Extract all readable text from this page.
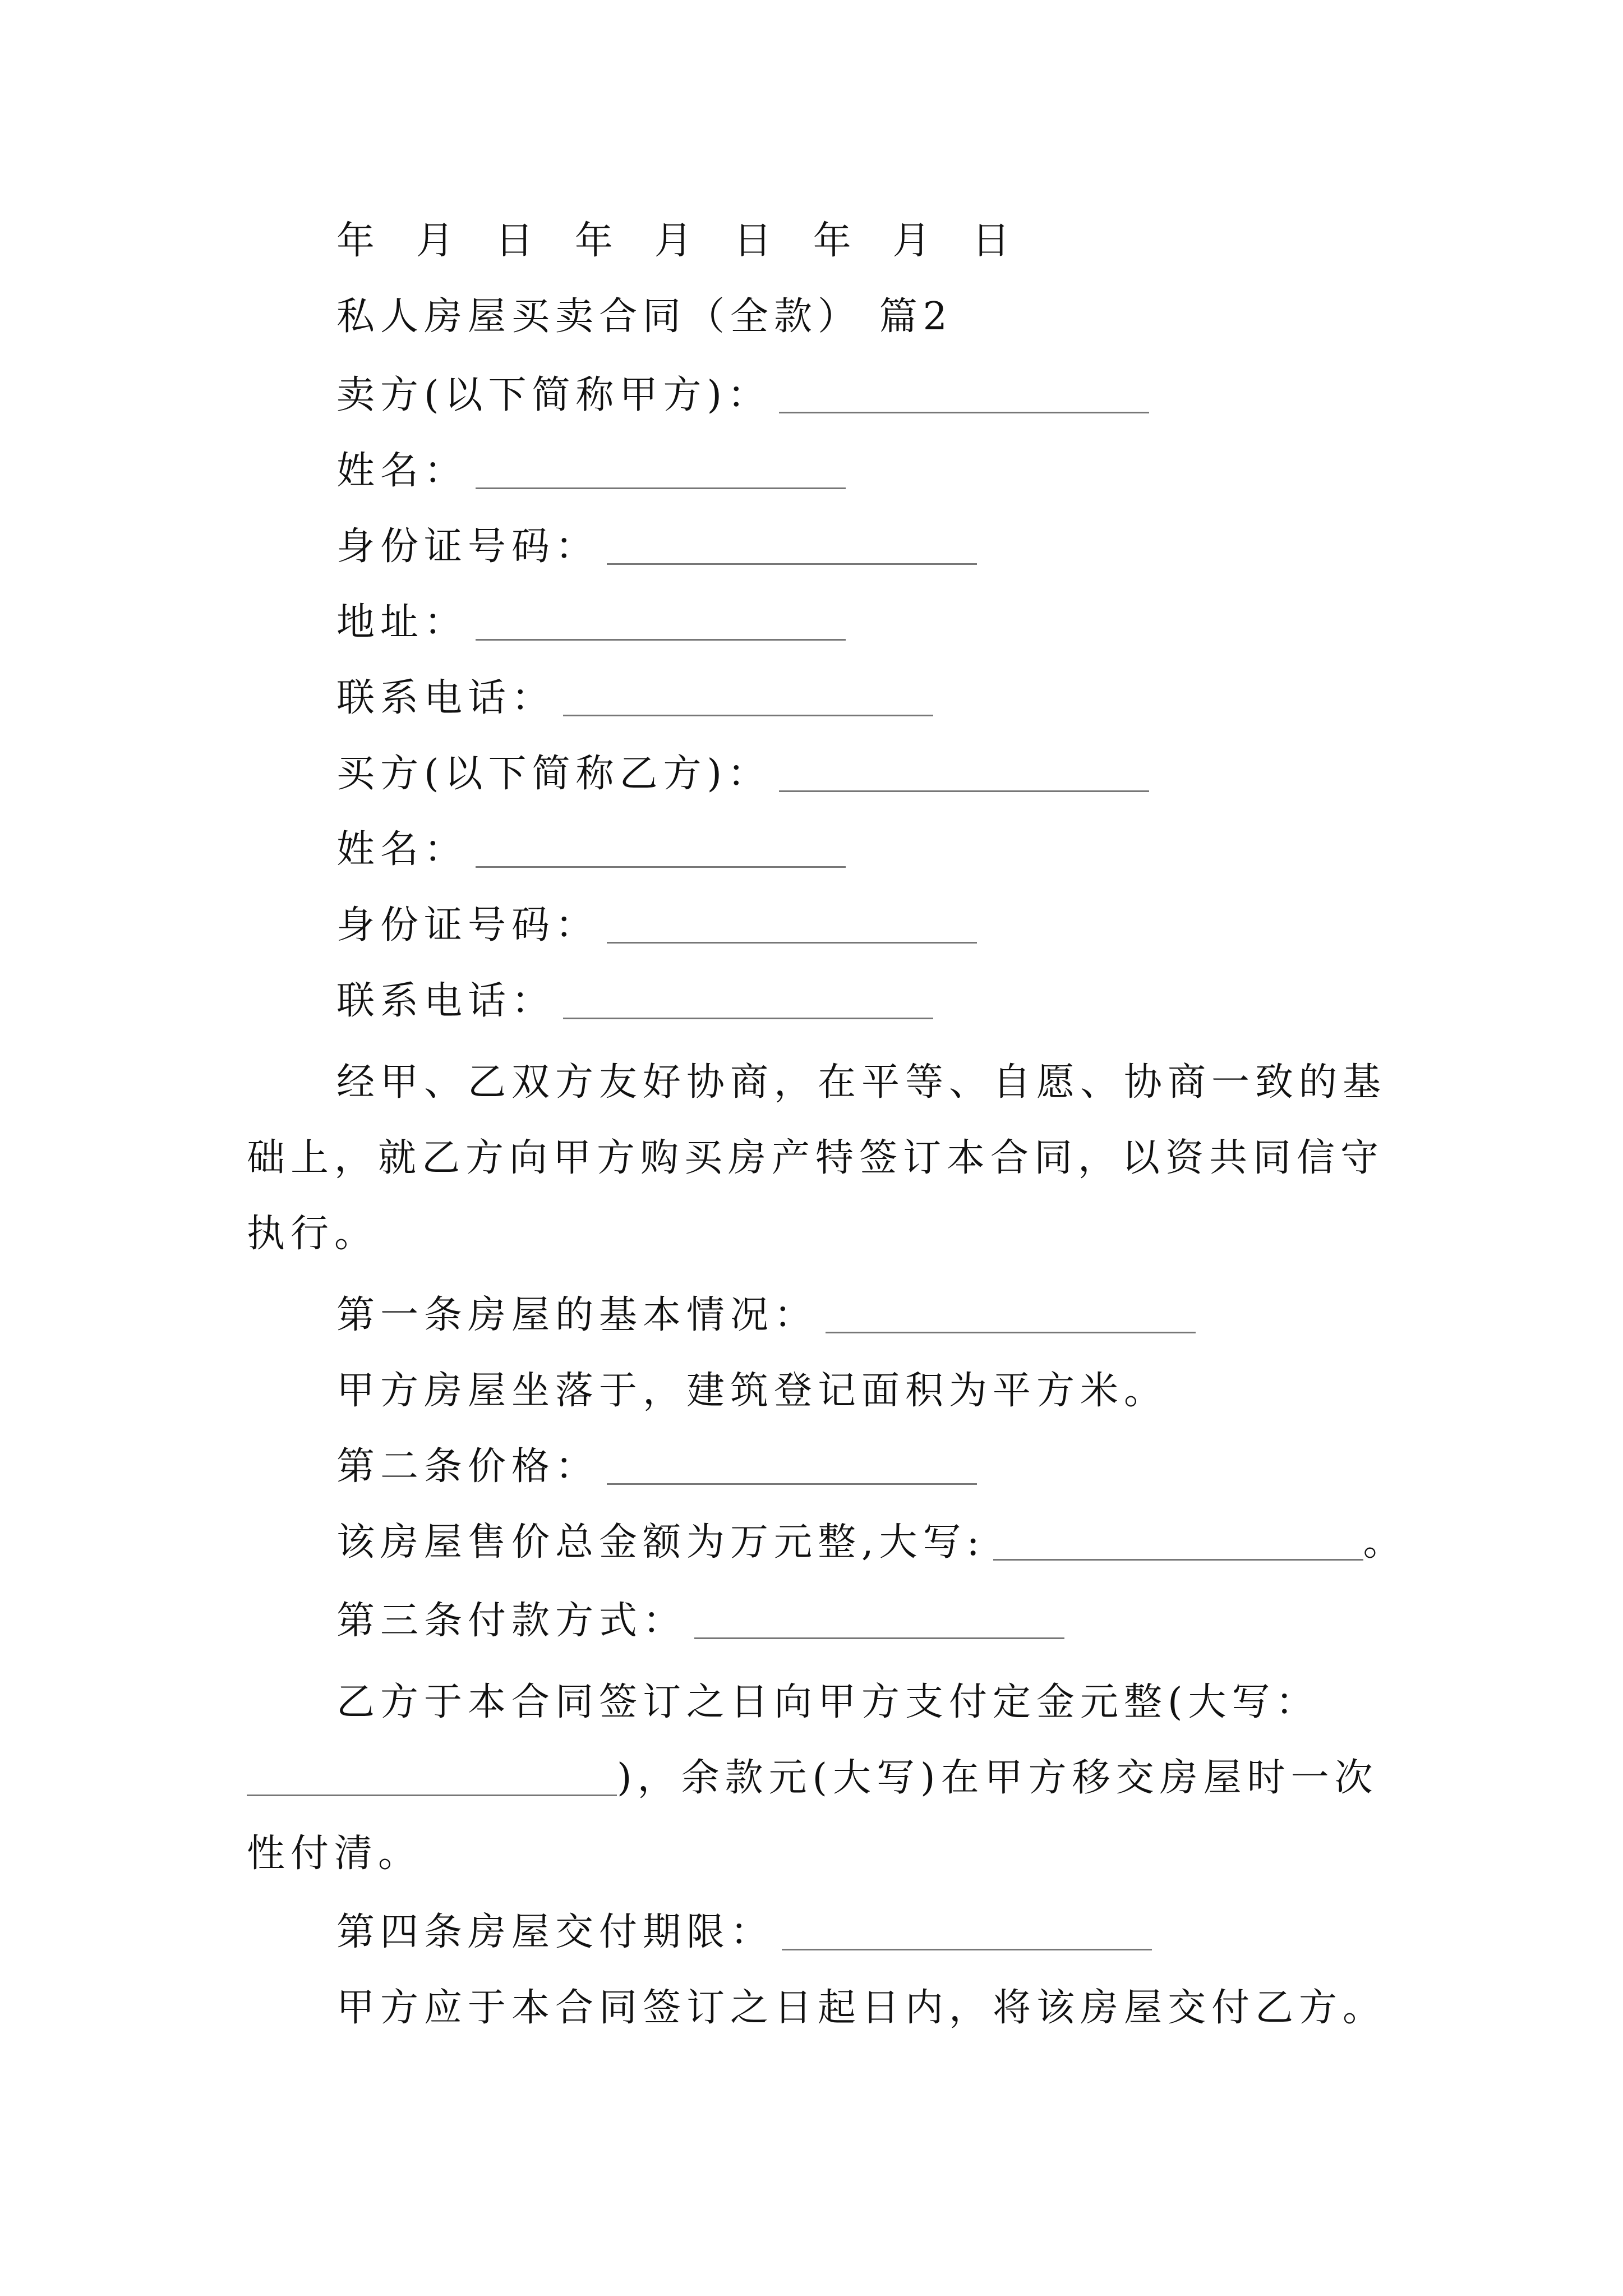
年 月 日 年 月 日 年 月 日
私人房屋买卖合同（全款） 篇2
卖方(以下简称甲方)：
姓名：
身份证号码：
地址：
联系电话：
买方(以下简称乙方)：
姓名：
身份证号码：
联系电话：
经甲、乙双方友好协商，在平等、自愿、协商一致的基
础上，就乙方向甲方购买房产特签订本合同，以资共同信守
执行。
第一条房屋的基本情况：
甲方房屋坐落于，建筑登记面积为平方米。
第二条价格：
该房屋售价总金额为万元整,大写:	。
第三条付款方式：
乙方于本合同签订之日向甲方支付定金元整(大写：
)，余款元(大写)在甲方移交房屋时一次
性付清。
第四条房屋交付期限：
甲方应于本合同签订之日起日内，将该房屋交付乙方。
